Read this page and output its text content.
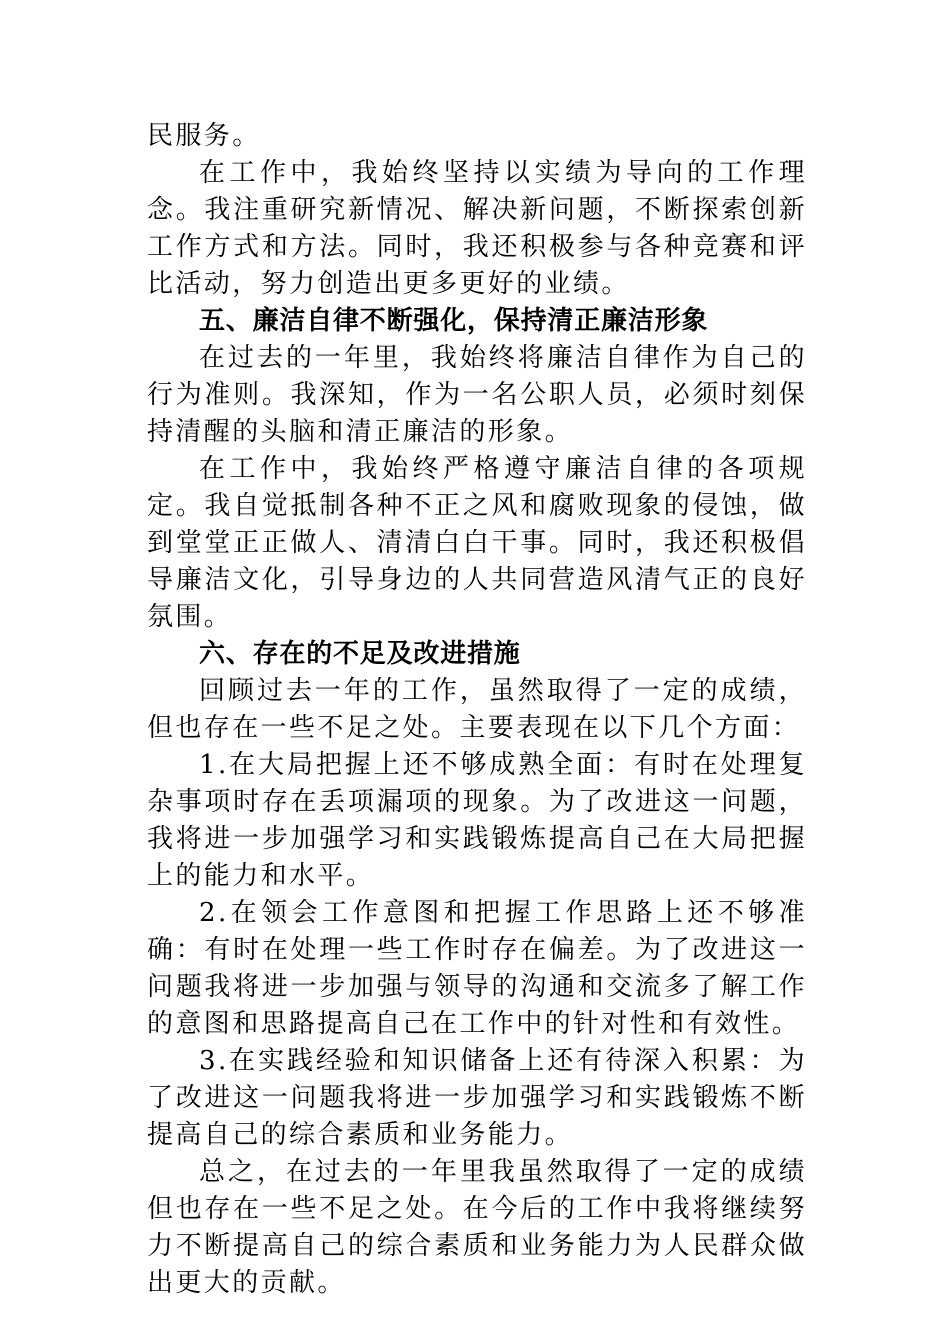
民服务。

在工作中，我始终坚持以实绩为导向的工作理念。我注重研究新情况、解决新问题，不断探索创新工作方式和方法。同时，我还积极参与各种竞赛和评比活动，努力创造出更多更好的业绩。

五、廉洁自律不断强化，保持清正廉洁形象

在过去的一年里，我始终将廉洁自律作为自己的行为准则。我深知，作为一名公职人员，必须时刻保持清醒的头脑和清正廉洁的形象。

在工作中，我始终严格遵守廉洁自律的各项规定。我自觉抵制各种不正之风和腐败现象的侵蚀，做到堂堂正正做人、清清白白干事。同时，我还积极倡导廉洁文化，引导身边的人共同营造风清气正的良好氛围。

六、存在的不足及改进措施

回顾过去一年的工作，虽然取得了一定的成绩，但也存在一些不足之处。主要表现在以下几个方面：

1.在大局把握上还不够成熟全面：有时在处理复杂事项时存在丢项漏项的现象。为了改进这一问题，我将进一步加强学习和实践锻炼提高自己在大局把握上的能力和水平。

2.在领会工作意图和把握工作思路上还不够准确：有时在处理一些工作时存在偏差。为了改进这一问题我将进一步加强与领导的沟通和交流多了解工作的意图和思路提高自己在工作中的针对性和有效性。

3.在实践经验和知识储备上还有待深入积累：为了改进这一问题我将进一步加强学习和实践锻炼不断提高自己的综合素质和业务能力。

总之，在过去的一年里我虽然取得了一定的成绩但也存在一些不足之处。在今后的工作中我将继续努力不断提高自己的综合素质和业务能力为人民群众做出更大的贡献。
